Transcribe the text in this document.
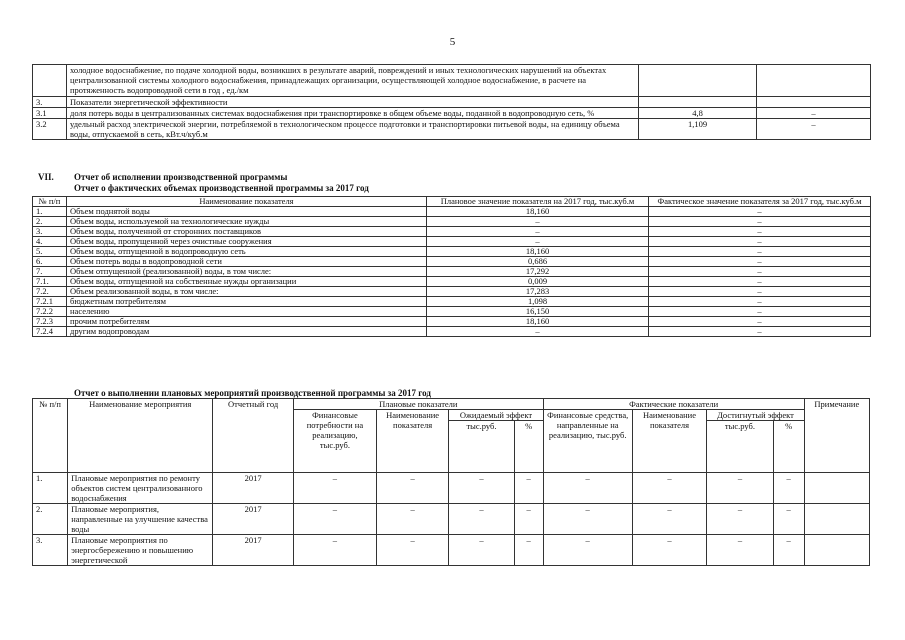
5
	холодное водоснабжение, по подаче холодной воды, возникших в результате аварий, повреждений и иных технологических нарушений на объектах централизованной системы холодного водоснабжения, принадлежащих организации, осуществляющей холодное водоснабжение, в расчете на протяженность водопроводной сети в год , ед./км		
3.	Показатели энергетической эффективности		
3.1	доля потерь воды в централизованных системах водоснабжения при транспортировке в общем объеме воды, поданной в водопроводную сеть, %	4,8	–
3.2	удельный расход электрической энергии, потребляемой в технологическом процессе подготовки и транспортировки питьевой воды, на единицу объема воды, отпускаемой в сеть, кВт.ч/куб.м	1,109	–
VII. Отчет об исполнении производственной программы
Отчет о фактических объемах производственной программы за 2017 год
№ п/п	Наименование показателя	Плановое значение показателя на 2017 год, тыс.куб.м	Фактическое значение показателя за 2017 год, тыс.куб.м
1.	Объем поднятой воды	18,160	–
2.	Объем воды, используемой на технологические нужды	–	–
3.	Объем воды, полученной от сторонних поставщиков	–	–
4.	Объем воды, пропущенной через очистные сооружения	–	–
5.	Объем воды, отпущенной в водопроводную сеть	18,160	–
6.	Объем потерь воды в водопроводной сети	0,686	–
7.	Объем отпущенной (реализованной) воды, в том числе:	17,292	–
7.1.	Объем воды, отпущенной на собственные нужды организации	0,009	–
7.2.	Объем реализованной воды, в том числе:	17,283	–
7.2.1	бюджетным потребителям	1,098	–
7.2.2	населению	16,150	–
7.2.3	прочим потребителям	18,160	–
7.2.4	другим водопроводам	–	–
Отчет о выполнении плановых мероприятий производственной программы за 2017 год
№ п/п	Наименование мероприятия	Отчетный год	Плановые показатели				Фактические показатели				Примечание
			Финансовые потребности на реализацию, тыс.руб.	Наименование показателя	Ожидаемый эффект		Финансовые средства, направленные на реализацию, тыс.руб.	Наименование показателя	Достигнутый эффект		
					тыс.руб.	%			тыс.руб.	%	
1.	Плановые мероприятия по ремонту объектов систем централизованного водоснабжения	2017	–	–	–	–	–	–	–	–	
2.	Плановые мероприятия, направленные на улучшение качества воды	2017	–	–	–	–	–	–	–	–	
3.	Плановые мероприятия по энергосбережению и повышению энергетической	2017	–	–	–	–	–	–	–	–	
